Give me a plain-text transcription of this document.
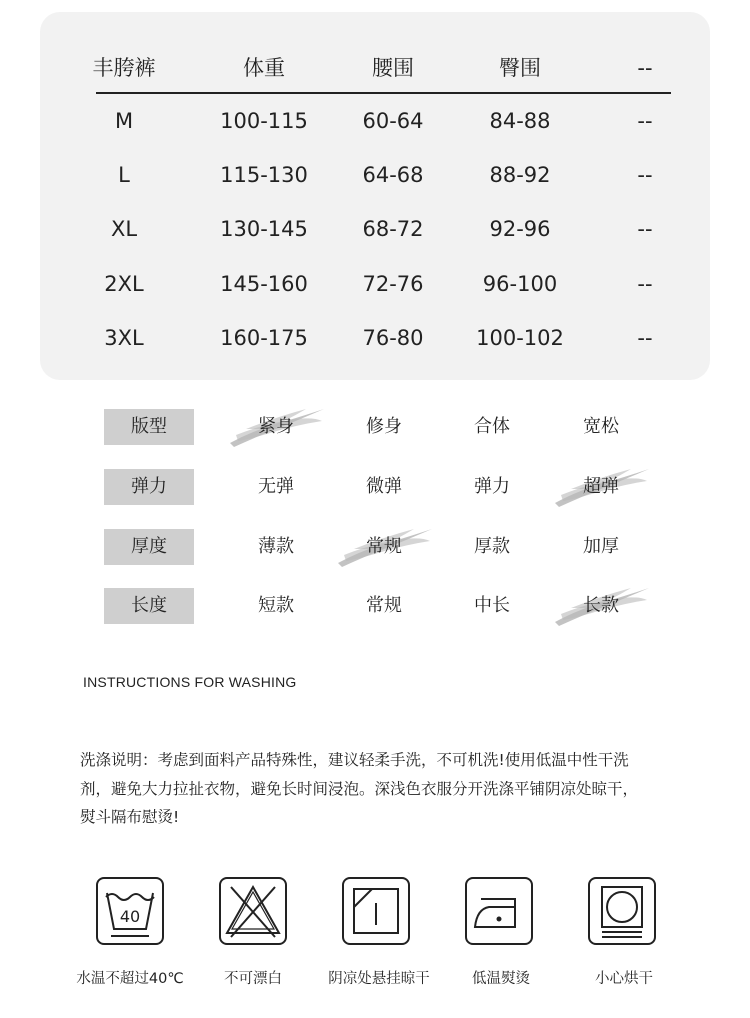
丰胯裤	体重	腰围	臀围	--
M	100-115	60-64	84-88	--
L	115-130	64-68	88-92	--
XL	130-145	68-72	92-96	--
2XL	145-160	72-76	96-100	--
3XL	160-175	76-80	100-102	--
版型	紧身	修身	合体	宽松
弹力	无弹	微弹	弹力	超弹
厚度	薄款	常规	厚款	加厚
长度	短款	常规	中长	长款
INSTRUCTIONS FOR WASHING
洗涤说明：考虑到面料产品特殊性，建议轻柔手洗，不可机洗!使用低温中性干洗
剂，避免大力拉扯衣物，避免长时间浸泡。深浅色衣服分开洗涤平铺阴凉处晾干，
熨斗隔布慰烫!
40
水温不超过40℃	不可漂白	阴凉处悬挂晾干	低温熨烫	小心烘干
